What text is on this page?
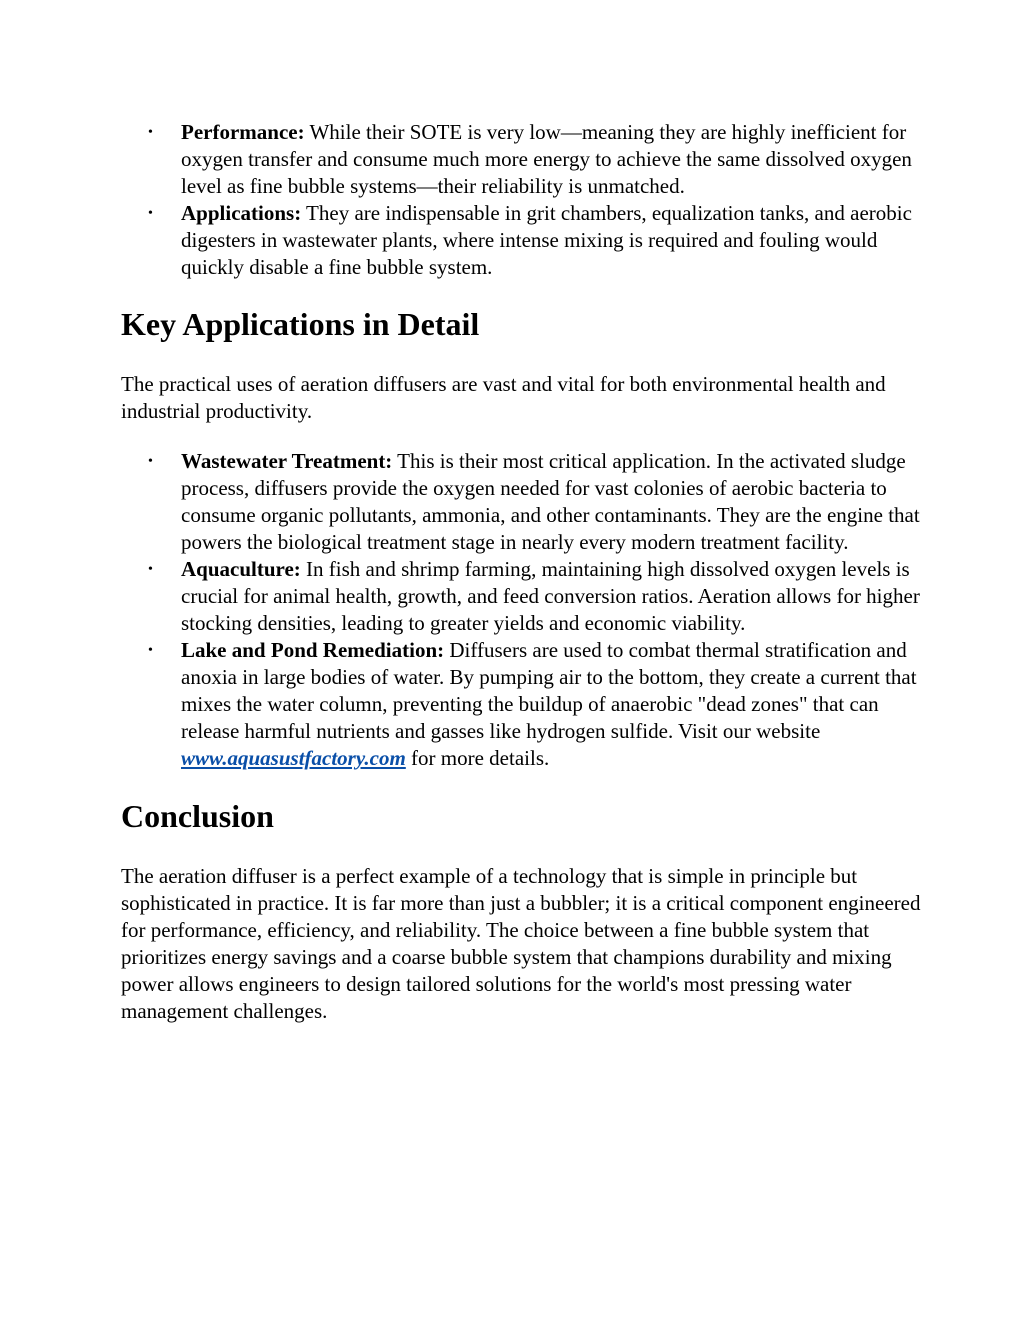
• Performance: While their SOTE is very low—meaning they are highly inefficient for oxygen transfer and consume much more energy to achieve the same dissolved oxygen level as fine bubble systems—their reliability is unmatched.
• Applications: They are indispensable in grit chambers, equalization tanks, and aerobic digesters in wastewater plants, where intense mixing is required and fouling would quickly disable a fine bubble system.
Key Applications in Detail

The practical uses of aeration diffusers are vast and vital for both environmental health and industrial productivity.

• Wastewater Treatment: This is their most critical application. In the activated sludge process, diffusers provide the oxygen needed for vast colonies of aerobic bacteria to consume organic pollutants, ammonia, and other contaminants. They are the engine that powers the biological treatment stage in nearly every modern treatment facility.
• Aquaculture: In fish and shrimp farming, maintaining high dissolved oxygen levels is crucial for animal health, growth, and feed conversion ratios. Aeration allows for higher stocking densities, leading to greater yields and economic viability.
• Lake and Pond Remediation: Diffusers are used to combat thermal stratification and anoxia in large bodies of water. By pumping air to the bottom, they create a current that mixes the water column, preventing the buildup of anaerobic "dead zones" that can release harmful nutrients and gasses like hydrogen sulfide. Visit our website www.aquasustfactory.com for more details.
Conclusion

The aeration diffuser is a perfect example of a technology that is simple in principle but sophisticated in practice. It is far more than just a bubbler; it is a critical component engineered for performance, efficiency, and reliability. The choice between a fine bubble system that prioritizes energy savings and a coarse bubble system that champions durability and mixing power allows engineers to design tailored solutions for the world's most pressing water management challenges.
